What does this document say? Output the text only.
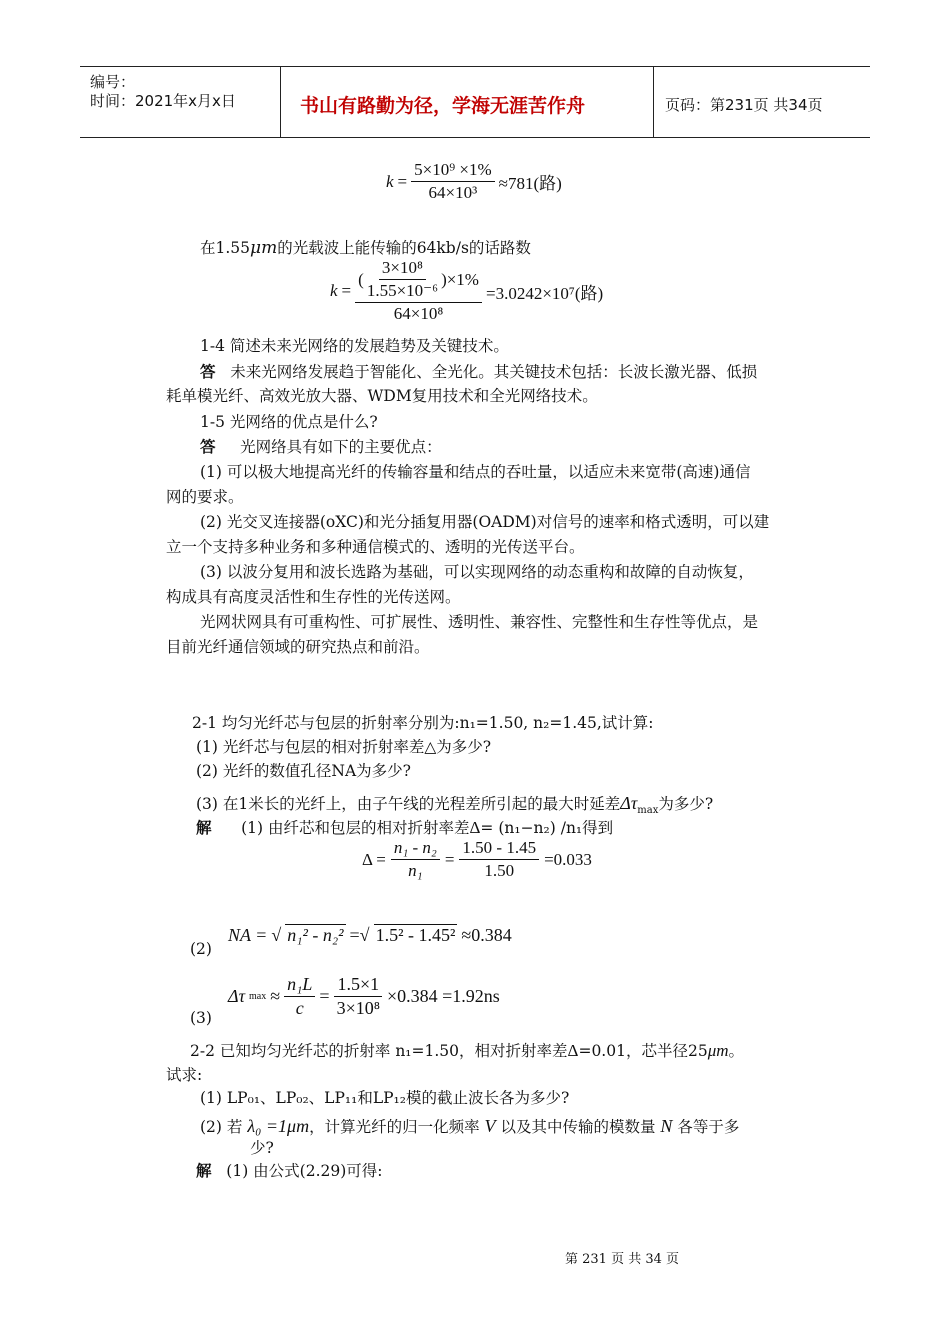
编号：
时间：2021年x月x日	书山有路勤为径，学海无涯苦作舟	页码：第231页 共34页
$k = \frac{\text{5×10⁹ ×1\%}}{\text{64×10³}} \approx 781$(路)
在1.55μm的光载波上能传输的64kb/s的话路数
$k = \frac{( \frac{\text{3×10⁸}}{\text{1.55×10⁻⁶}} )\times 1\%}{\text{64×10⁸}} =3.0242\times 10^7$(路)
1-4 简述未来光网络的发展趋势及关键技术。
答 未来光网络发展趋于智能化、全光化。其关键技术包括：长波长激光器、低损
耗单模光纤、高效光放大器、WDM复用技术和全光网络技术。
1-5 光网络的优点是什么?
答 光网络具有如下的主要优点：
(1) 可以极大地提高光纤的传输容量和结点的吞吐量，以适应未来宽带(高速)通信
网的要求。
(2) 光交叉连接器(oXC)和光分插复用器(OADM)对信号的速率和格式透明，可以建
立一个支持多种业务和多种通信模式的、透明的光传送平台。
(3) 以波分复用和波长选路为基础，可以实现网络的动态重构和故障的自动恢复，
构成具有高度灵活性和生存性的光传送网。
光网状网具有可重构性、可扩展性、透明性、兼容性、完整性和生存性等优点，是
目前光纤通信领域的研究热点和前沿。
2-1 均匀光纤芯与包层的折射率分别为:n₁=1.50, n₂=1.45,试计算:
(1) 光纤芯与包层的相对折射率差△为多少?
(2) 光纤的数值孔径NA为多少?
(3) 在1米长的光纤上，由子午线的光程差所引起的最大时延差$\Delta\tau_{max}$为多少?
解 (1) 由纤芯和包层的相对折射率差Δ= (n₁−n₂) /n₁得到
$\Delta = \frac{\text{n₁ - n₂}}{\text{n₁}} = \frac{1.50 - 1.45}{1.50} =0.033$
(2)
NA = √ n₁² - n₂² =√ 1.5² - 1.45² ≈0.384
(3)
Δτ $\max \approx \frac{\text{n₁L}}{c} = \frac{1.5\times 1}{\text{3×10⁸}} \times 0.384 =1.92ns$
2-2 已知均匀光纤芯的折射率 n₁=1.50，相对折射率差Δ=0.01，芯半径25μm。
试求:
(1) LP₀₁、LP₀₂、LP₁₁和LP₁₂模的截止波长各为多少?
(2) 若 λ₀ =1μm，计算光纤的归一化频率 V 以及其中传输的模数量 N 各等于多
少?
解 (1) 由公式(2.29)可得:
第 231 页 共 34 页
